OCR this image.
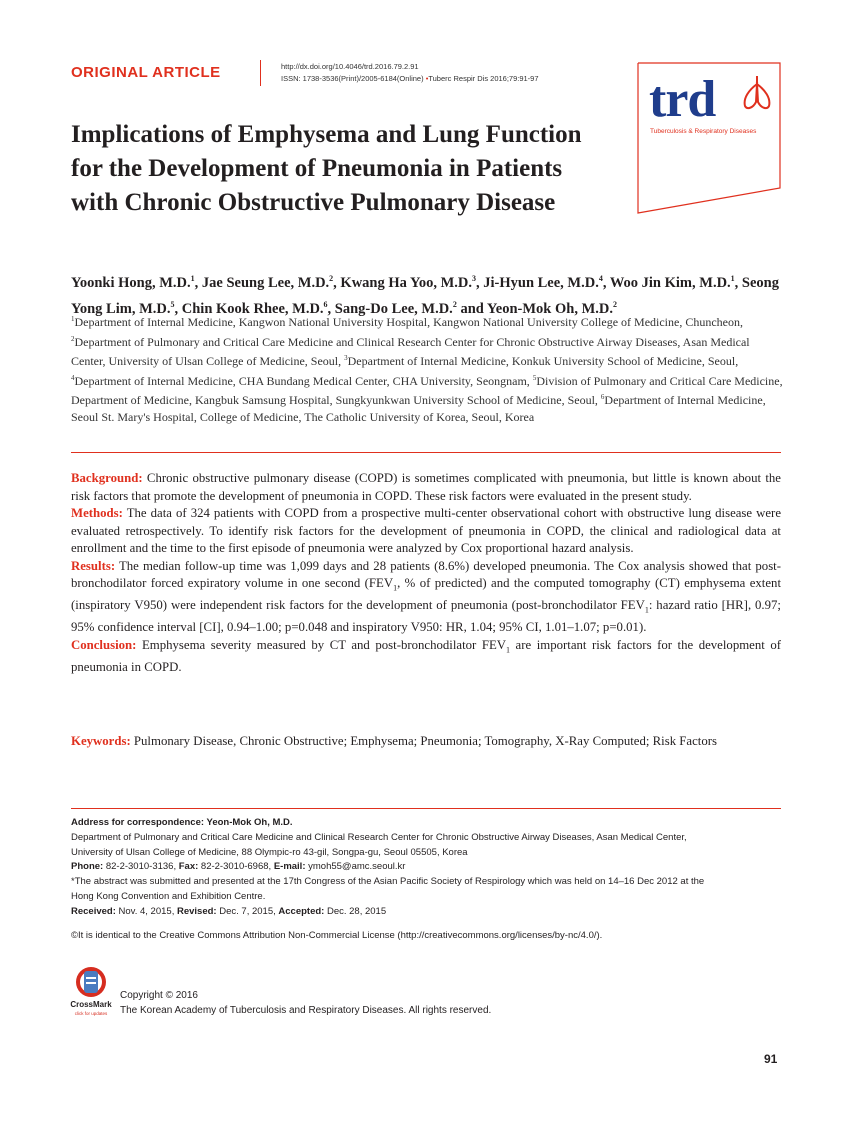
ORIGINAL ARTICLE	http://dx.doi.org/10.4046/trd.2016.79.2.91
ISSN: 1738-3536(Print)/2005-6184(Online) •Tuberc Respir Dis 2016;79:91-97 trd
Tuberculosis & Respiratory Diseases
Implications of Emphysema and Lung Function
for the Development of Pneumonia in Patients
with Chronic Obstructive Pulmonary Disease

Yoonki Hong, M.D.$^1$, Jae Seung Lee, M.D.$^2$, Kwang Ha Yoo, M.D.$^3$, Ji-Hyun Lee, M.D.$^4$, Woo Jin Kim, M.D.$^1$, Seong Yong Lim, M.D.$^5$, Chin Kook Rhee, M.D.$^6$, Sang-Do Lee, M.D.$^2$ and Yeon-Mok Oh, M.D.$^2$

$^1$Department of Internal Medicine, Kangwon National University Hospital, Kangwon National University College of Medicine, Chuncheon, $^2$Department of Pulmonary and Critical Care Medicine and Clinical Research Center for Chronic Obstructive Airway Diseases, Asan Medical Center, University of Ulsan College of Medicine, Seoul, $^3$Department of Internal Medicine, Konkuk University School of Medicine, Seoul, $^4$Department of Internal Medicine, CHA Bundang Medical Center, CHA University, Seongnam, $^5$Division of Pulmonary and Critical Care Medicine, Department of Medicine, Kangbuk Samsung Hospital, Sungkyunkwan University School of Medicine, Seoul, $^6$Department of Internal Medicine, Seoul St. Mary's Hospital, College of Medicine, The Catholic University of Korea, Seoul, Korea

Background: Chronic obstructive pulmonary disease (COPD) is sometimes complicated with pneumonia, but little is known about the risk factors that promote the development of pneumonia in COPD. These risk factors were evaluated in the present study.

Methods: The data of 324 patients with COPD from a prospective multi-center observational cohort with obstructive lung disease were evaluated retrospectively. To identify risk factors for the development of pneumonia in COPD, the clinical and radiological data at enrollment and the time to the first episode of pneumonia were analyzed by Cox proportional hazard analysis.

Results: The median follow-up time was 1,099 days and 28 patients (8.6%) developed pneumonia. The Cox analysis showed that post-bronchodilator forced expiratory volume in one second ($FEV_1$, % of predicted) and the computed tomography (CT) emphysema extent (inspiratory V950) were independent risk factors for the development of pneumonia (post-bronchodilator $FEV_1$: hazard ratio [HR], 0.97; 95% confidence interval [CI], 0.94–1.00; p=0.048 and inspiratory V950: HR, 1.04; 95% CI, 1.01–1.07; p=0.01).

Conclusion: Emphysema severity measured by CT and post-bronchodilator $FEV_1$ are important risk factors for the development of pneumonia in COPD.

Keywords: Pulmonary Disease, Chronic Obstructive; Emphysema; Pneumonia; Tomography, X-Ray Computed; Risk Factors

Address for correspondence: Yeon-Mok Oh, M.D.
Department of Pulmonary and Critical Care Medicine and Clinical Research Center for Chronic Obstructive Airway Diseases, Asan Medical Center,
University of Ulsan College of Medicine, 88 Olympic-ro 43-gil, Songpa-gu, Seoul 05505, Korea
Phone: 82-2-3010-3136, Fax: 82-2-3010-6968, E-mail: ymoh55@amc.seoul.kr
*The abstract was submitted and presented at the 17th Congress of the Asian Pacific Society of Respirology which was held on 14–16 Dec 2012 at the
Hong Kong Convention and Exhibition Centre.
Received: Nov. 4, 2015, Revised: Dec. 7, 2015, Accepted: Dec. 28, 2015
©It is identical to the Creative Commons Attribution Non-Commercial License (http://creativecommons.org/licenses/by-nc/4.0/).
CrossMark
click for updates
Copyright © 2016
The Korean Academy of Tuberculosis and Respiratory Diseases. All rights reserved.
91
